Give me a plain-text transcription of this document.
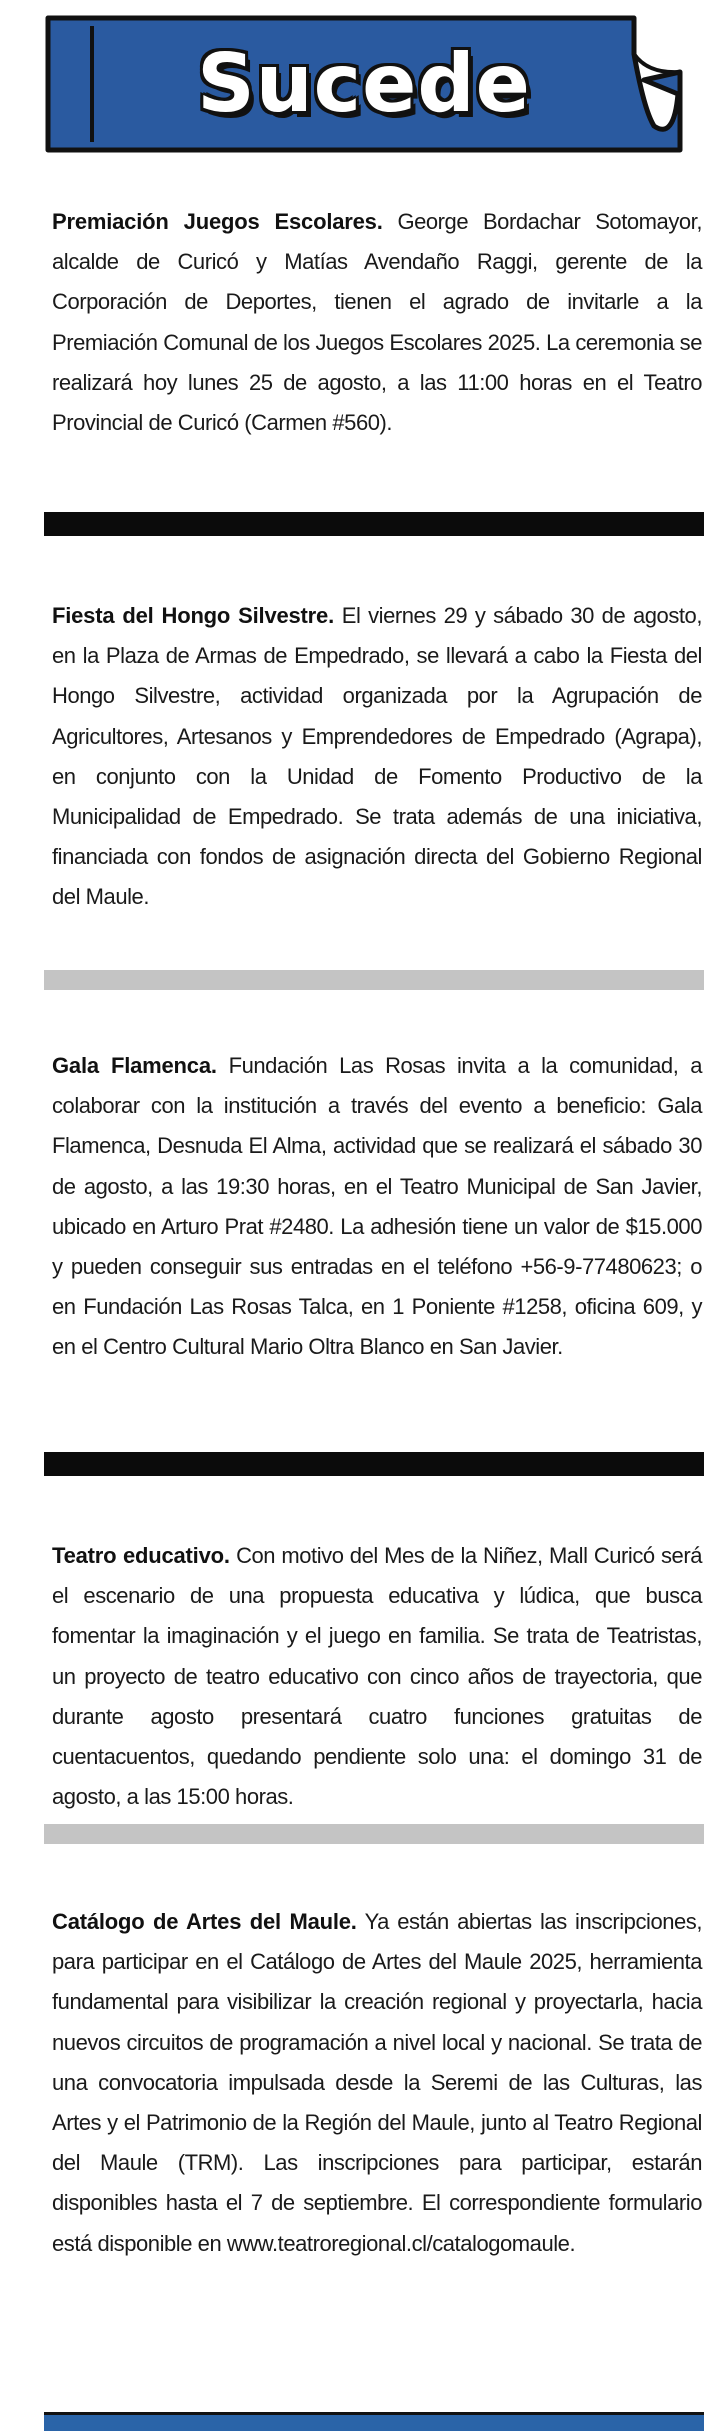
Sucede

Premiación Juegos Escolares. George Bordachar Sotomayor, alcalde de Curicó y Matías Avendaño Raggi, gerente de la Corporación de Deportes, tienen el agrado de invitarle a la Premiación Comunal de los Juegos Escolares 2025. La ceremonia se realizará hoy lunes 25 de agosto, a las 11:00 horas en el Teatro Provincial de Curicó (Carmen #560).

Fiesta del Hongo Silvestre. El viernes 29 y sábado 30 de agosto, en la Plaza de Armas de Empedrado, se llevará a cabo la Fiesta del Hongo Silvestre, actividad organizada por la Agrupación de Agricultores, Artesanos y Emprendedores de Empedrado (Agrapa), en conjunto con la Unidad de Fomento Productivo de la Municipalidad de Empedrado. Se trata además de una iniciativa, financiada con fondos de asignación directa del Gobierno Regional del Maule.

Gala Flamenca. Fundación Las Rosas invita a la comunidad, a colaborar con la institución a través del evento a beneficio: Gala Flamenca, Desnuda El Alma, actividad que se realizará el sábado 30 de agosto, a las 19:30 horas, en el Teatro Municipal de San Javier, ubicado en Arturo Prat #2480. La adhesión tiene un valor de $15.000 y pueden conseguir sus entradas en el teléfono +56-9-77480623; o en Fundación Las Rosas Talca, en 1 Poniente #1258, oficina 609, y en el Centro Cultural Mario Oltra Blanco en San Javier.

Teatro educativo. Con motivo del Mes de la Niñez, Mall Curicó será el escenario de una propuesta educativa y lúdica, que busca fomentar la imaginación y el juego en familia. Se trata de Teatristas, un proyecto de teatro educativo con cinco años de trayectoria, que durante agosto presentará cuatro funciones gratuitas de cuentacuentos, quedando pendiente solo una: el domingo 31 de agosto, a las 15:00 horas.

Catálogo de Artes del Maule. Ya están abiertas las inscripciones, para participar en el Catálogo de Artes del Maule 2025, herramienta fundamental para visibilizar la creación regional y proyectarla, hacia nuevos circuitos de programación a nivel local y nacional. Se trata de una convocatoria impulsada desde la Seremi de las Culturas, las Artes y el Patrimonio de la Región del Maule, junto al Teatro Regional del Maule (TRM). Las inscripciones para participar, estarán disponibles hasta el 7 de septiembre. El correspondiente formulario está disponible en www.teatroregional.cl/catalogomaule.
